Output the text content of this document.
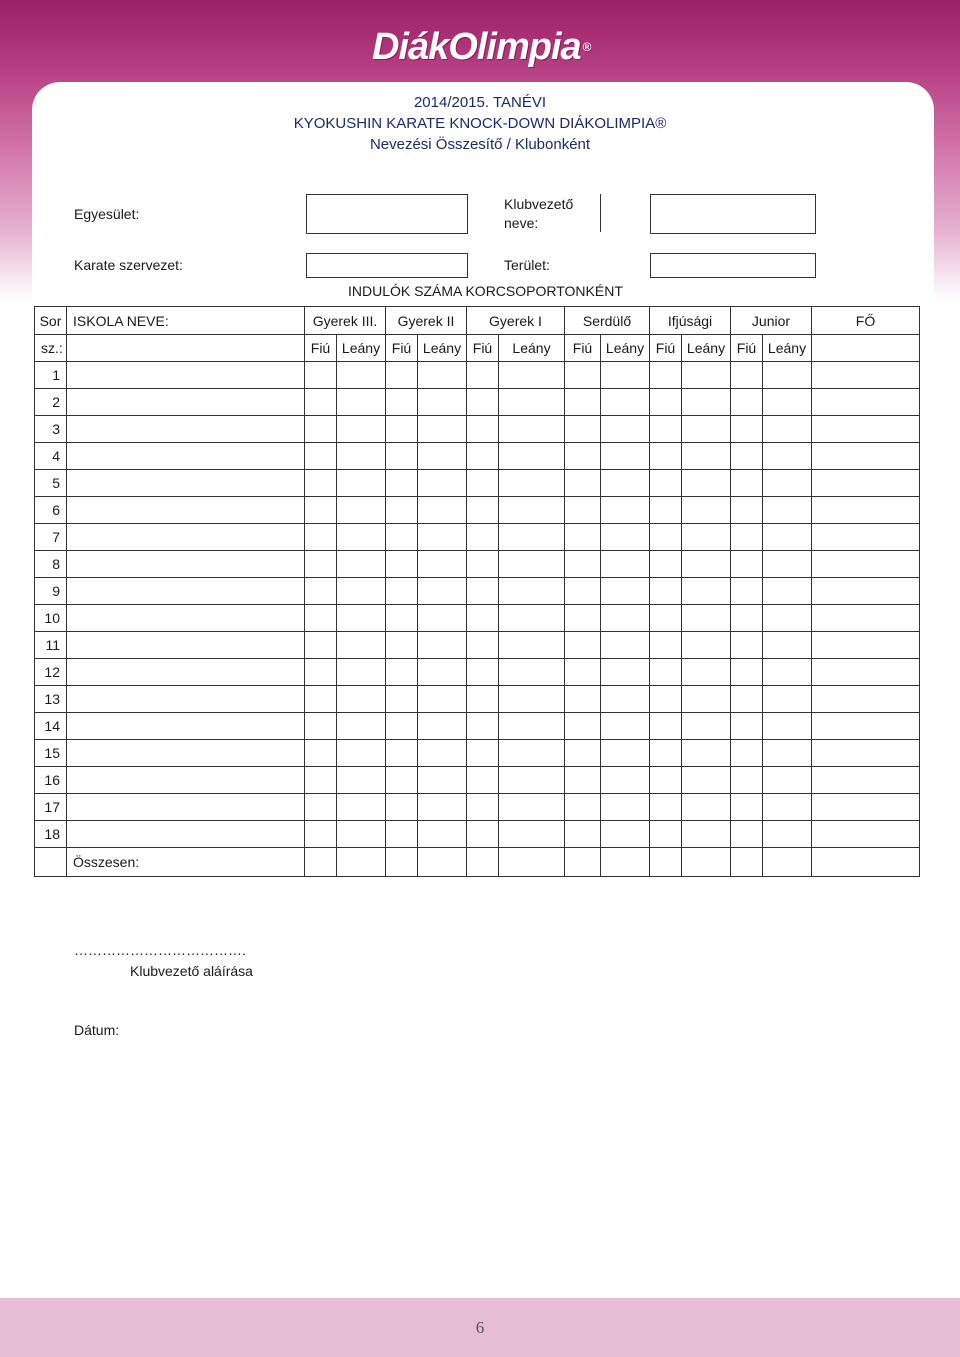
DiákOlimpia ®
2014/2015. TANÉVI
KYOKUSHIN KARATE KNOCK-DOWN DIÁKOLIMPIA®
Nevezési Összesítő / Klubonként
Egyesület:
Klubvezető
neve:
Karate szervezet:	Terület:
INDULÓK SZÁMA KORCSOPORTONKÉNT
Sor	ISKOLA NEVE:	Gyerek III.		Gyerek II		Gyerek I		Serdülő		Ifjúsági		Junior		FŐ
sz.:		Fiú	Leány	Fiú	Leány	Fiú	Leány	Fiú	Leány	Fiú	Leány	Fiú	Leány	
1														
2														
3														
4														
5														
6														
7														
8														
9														
10														
11														
12														
13														
14														
15														
16														
17														
18														
	Összesen:													
……………………………….
Klubvezető aláírása
Dátum:
6
